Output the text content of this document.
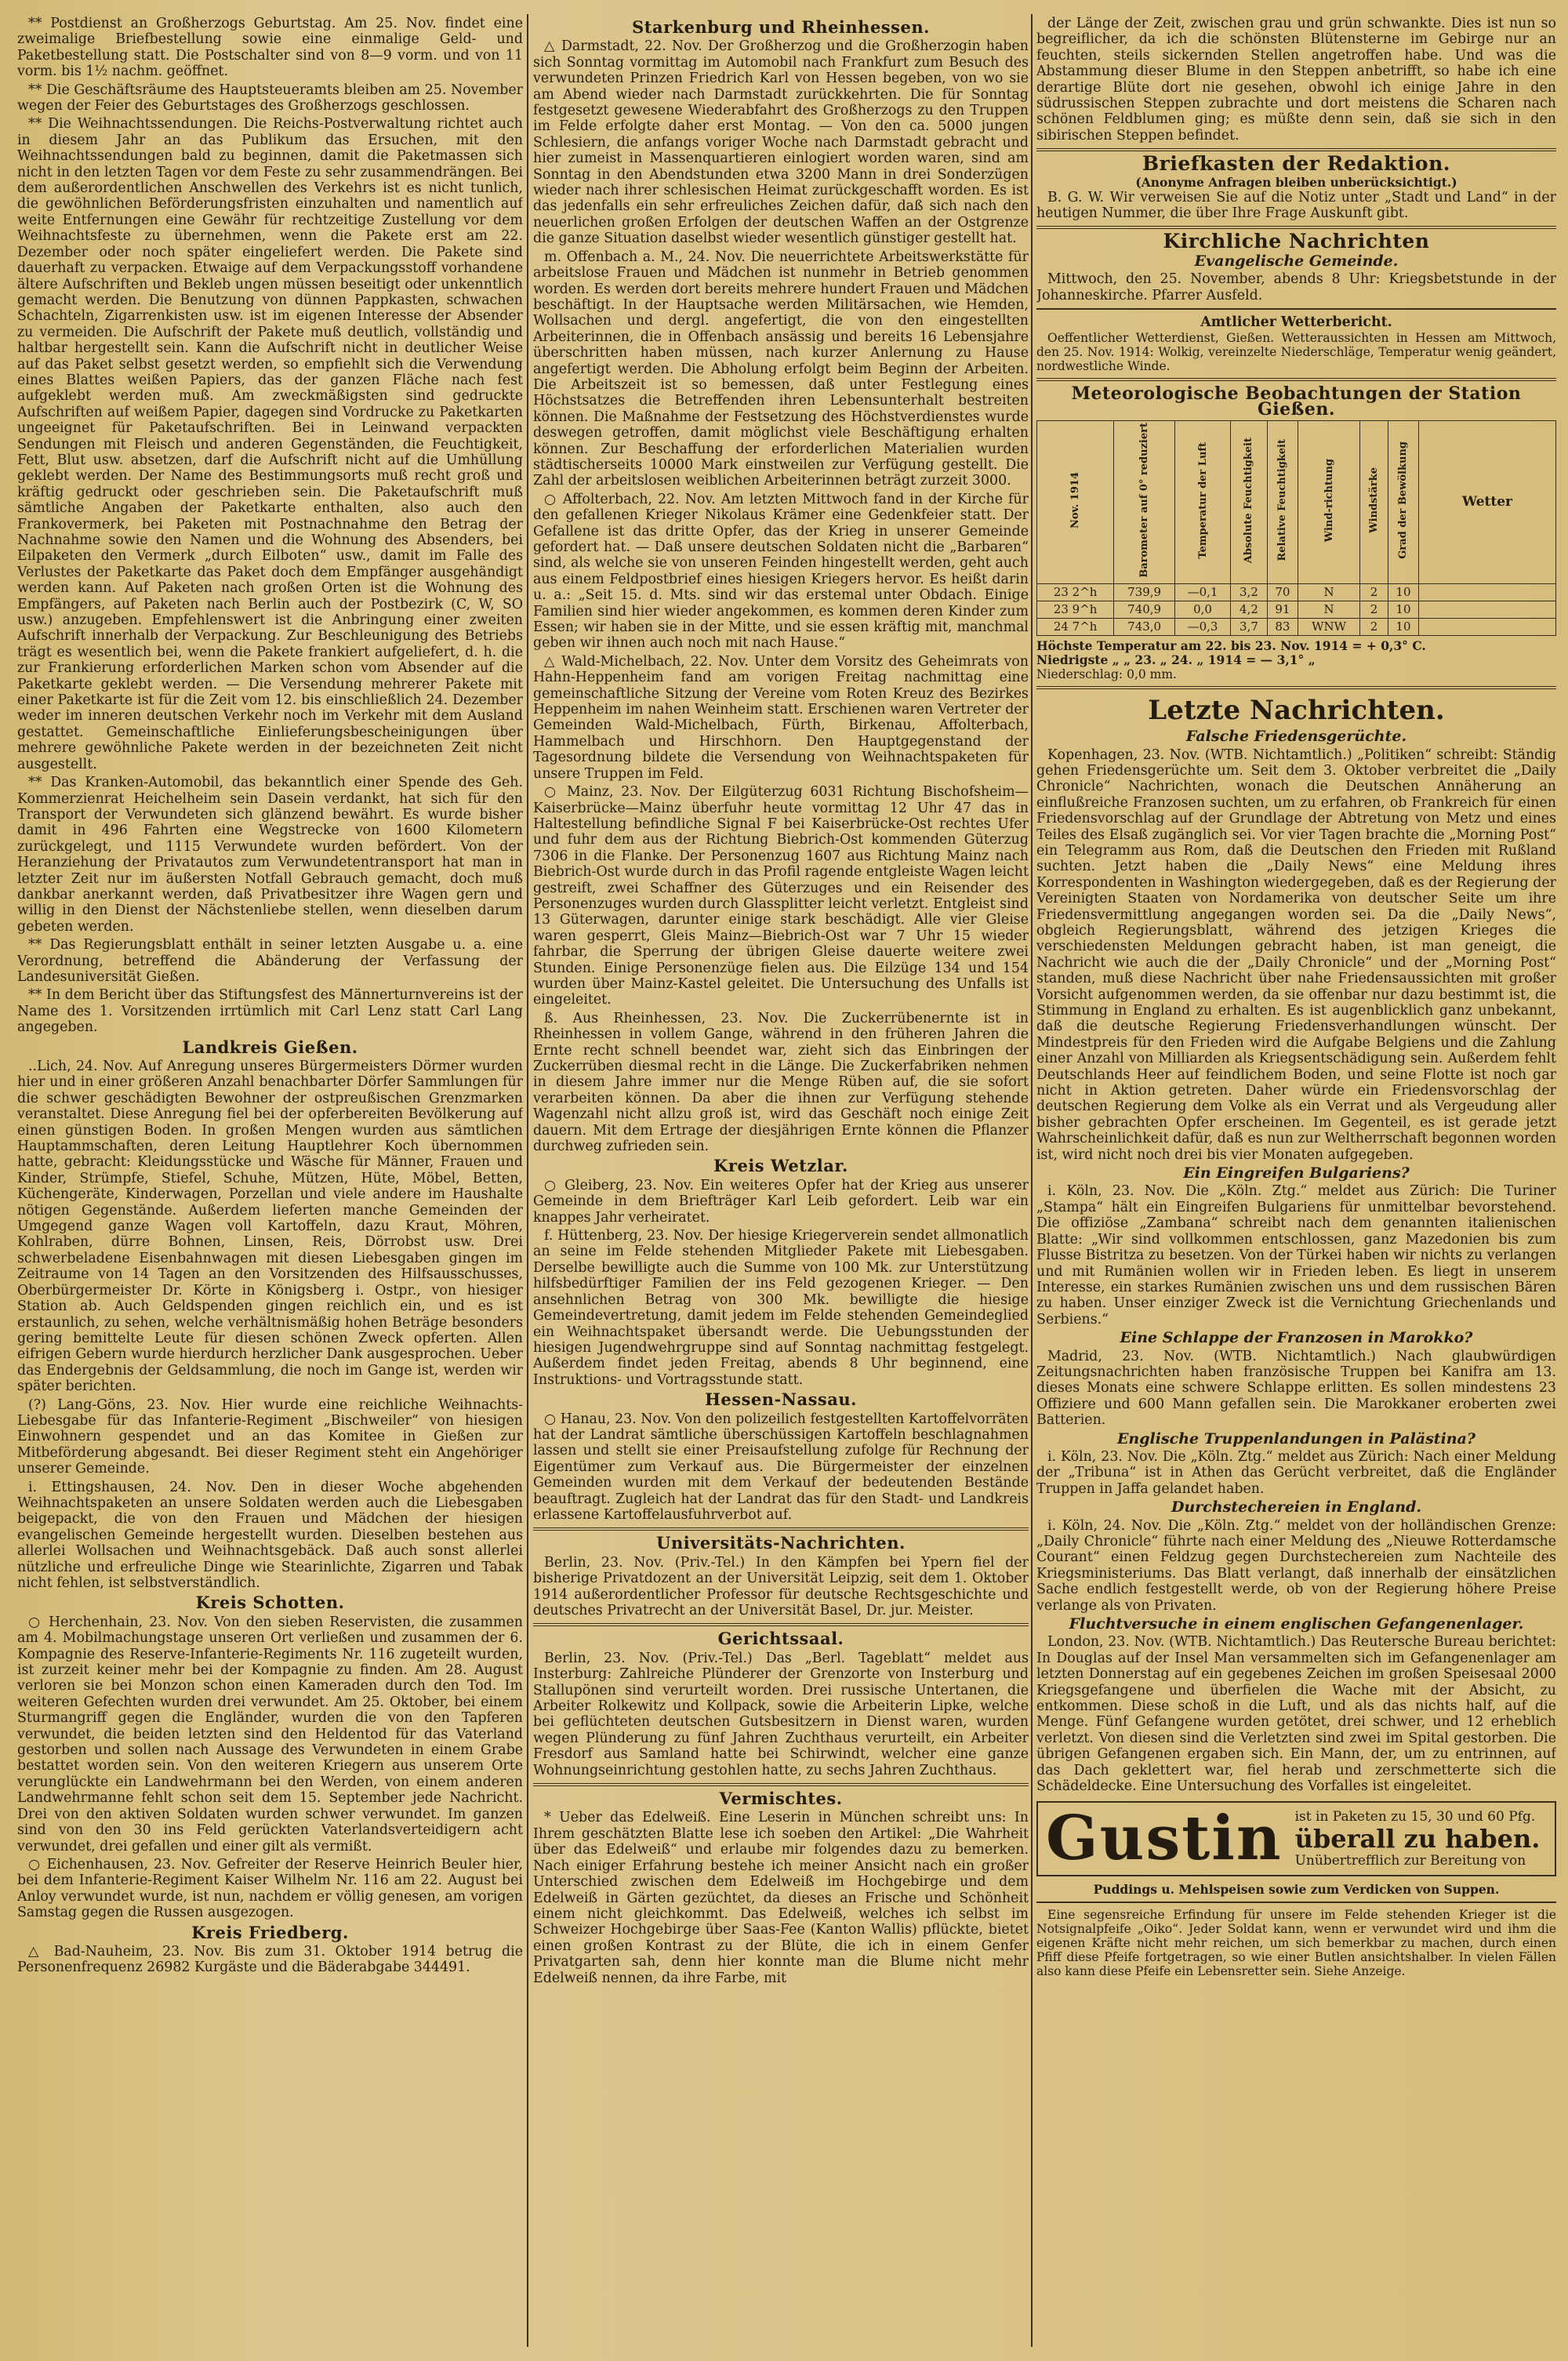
** Postdienst an Großherzogs Geburtstag. Am 25. Nov. findet eine zweimalige Briefbestellung sowie eine einmalige Geld- und Paketbestellung statt. Die Postschalter sind von 8—9 vorm. und von 11 vorm. bis 1½ nachm. geöffnet.

** Die Geschäftsräume des Hauptsteueramts bleiben am 25. November wegen der Feier des Geburtstages des Großherzogs geschlossen.

** Die Weihnachtssendungen. Die Reichs-Postverwaltung richtet auch in diesem Jahr an das Publikum das Ersuchen, mit den Weihnachtssendungen bald zu beginnen, damit die Paketmassen sich nicht in den letzten Tagen vor dem Feste zu sehr zusammendrängen. Bei dem außerordentlichen Anschwellen des Verkehrs ist es nicht tunlich, die gewöhnlichen Beförderungsfristen einzuhalten und namentlich auf weite Entfernungen eine Gewähr für rechtzeitige Zustellung vor dem Weihnachtsfeste zu übernehmen, wenn die Pakete erst am 22. Dezember oder noch später eingeliefert werden. Die Pakete sind dauerhaft zu verpacken. Etwaige auf dem Verpackungsstoff vorhandene ältere Aufschriften und Bekleb ungen müssen beseitigt oder unkenntlich gemacht werden. Die Benutzung von dünnen Pappkasten, schwachen Schachteln, Zigarrenkisten usw. ist im eigenen Interesse der Absender zu vermeiden. Die Aufschrift der Pakete muß deutlich, vollständig und haltbar hergestellt sein. Kann die Aufschrift nicht in deutlicher Weise auf das Paket selbst gesetzt werden, so empfiehlt sich die Verwendung eines Blattes weißen Papiers, das der ganzen Fläche nach fest aufgeklebt werden muß. Am zweckmäßigsten sind gedruckte Aufschriften auf weißem Papier, dagegen sind Vordrucke zu Paketkarten ungeeignet für Paketaufschriften. Bei in Leinwand verpackten Sendungen mit Fleisch und anderen Gegenständen, die Feuchtigkeit, Fett, Blut usw. absetzen, darf die Aufschrift nicht auf die Umhüllung geklebt werden. Der Name des Bestimmungsorts muß recht groß und kräftig gedruckt oder geschrieben sein. Die Paketaufschrift muß sämtliche Angaben der Paketkarte enthalten, also auch den Frankovermerk, bei Paketen mit Postnachnahme den Betrag der Nachnahme sowie den Namen und die Wohnung des Absenders, bei Eilpaketen den Vermerk „durch Eilboten“ usw., damit im Falle des Verlustes der Paketkarte das Paket doch dem Empfänger ausgehändigt werden kann. Auf Paketen nach großen Orten ist die Wohnung des Empfängers, auf Paketen nach Berlin auch der Postbezirk (C, W, SO usw.) anzugeben. Empfehlenswert ist die Anbringung einer zweiten Aufschrift innerhalb der Verpackung. Zur Beschleunigung des Betriebs trägt es wesentlich bei, wenn die Pakete frankiert aufgeliefert, d. h. die zur Frankierung erforderlichen Marken schon vom Absender auf die Paketkarte geklebt werden. — Die Versendung mehrerer Pakete mit einer Paketkarte ist für die Zeit vom 12. bis einschließlich 24. Dezember weder im inneren deutschen Verkehr noch im Verkehr mit dem Ausland gestattet. Gemeinschaftliche Einlieferungsbescheinigungen über mehrere gewöhnliche Pakete werden in der bezeichneten Zeit nicht ausgestellt.

** Das Kranken-Automobil, das bekanntlich einer Spende des Geh. Kommerzienrat Heichelheim sein Dasein verdankt, hat sich für den Transport der Verwundeten sich glänzend bewährt. Es wurde bisher damit in 496 Fahrten eine Wegstrecke von 1600 Kilometern zurückgelegt, und 1115 Verwundete wurden befördert. Von der Heranziehung der Privatautos zum Verwundetentransport hat man in letzter Zeit nur im äußersten Notfall Gebrauch gemacht, doch muß dankbar anerkannt werden, daß Privatbesitzer ihre Wagen gern und willig in den Dienst der Nächstenliebe stellen, wenn dieselben darum gebeten werden.

** Das Regierungsblatt enthält in seiner letzten Ausgabe u. a. eine Verordnung, betreffend die Abänderung der Verfassung der Landesuniversität Gießen.

** In dem Bericht über das Stiftungsfest des Männerturnvereins ist der Name des 1. Vorsitzenden irrtümlich mit Carl Lenz statt Carl Lang angegeben.

Landkreis Gießen.

..Lich, 24. Nov. Auf Anregung unseres Bürgermeisters Dörmer wurden hier und in einer größeren Anzahl benachbarter Dörfer Sammlungen für die schwer geschädigten Bewohner der ostpreußischen Grenzmarken veranstaltet. Diese Anregung fiel bei der opferbereiten Bevölkerung auf einen günstigen Boden. In großen Mengen wurden aus sämtlichen Hauptammschaften, deren Leitung Hauptlehrer Koch übernommen hatte, gebracht: Kleidungsstücke und Wäsche für Männer, Frauen und Kinder, Strümpfe, Stiefel, Schuhe, Mützen, Hüte, Möbel, Betten, Küchengeräte, Kinderwagen, Porzellan und viele andere im Haushalte nötigen Gegenstände. Außerdem lieferten manche Gemeinden der Umgegend ganze Wagen voll Kartoffeln, dazu Kraut, Möhren, Kohlraben, dürre Bohnen, Linsen, Reis, Dörrobst usw. Drei schwerbeladene Eisenbahnwagen mit diesen Liebesgaben gingen im Zeitraume von 14 Tagen an den Vorsitzenden des Hilfsausschusses, Oberbürgermeister Dr. Körte in Königsberg i. Ostpr., von hiesiger Station ab. Auch Geldspenden gingen reichlich ein, und es ist erstaunlich, zu sehen, welche verhältnismäßig hohen Beträge besonders gering bemittelte Leute für diesen schönen Zweck opferten. Allen eifrigen Gebern wurde hierdurch herzlicher Dank ausgesprochen. Ueber das Endergebnis der Geldsammlung, die noch im Gange ist, werden wir später berichten.

(?) Lang-Göns, 23. Nov. Hier wurde eine reichliche Weihnachts-Liebesgabe für das Infanterie-Regiment „Bischweiler“ von hiesigen Einwohnern gespendet und an das Komitee in Gießen zur Mitbeförderung abgesandt. Bei dieser Regiment steht ein Angehöriger unserer Gemeinde.

i. Ettingshausen, 24. Nov. Den in dieser Woche abgehenden Weihnachtspaketen an unsere Soldaten werden auch die Liebesgaben beigepackt, die von den Frauen und Mädchen der hiesigen evangelischen Gemeinde hergestellt wurden. Dieselben bestehen aus allerlei Wollsachen und Weihnachtsgebäck. Daß auch sonst allerlei nützliche und erfreuliche Dinge wie Stearinlichte, Zigarren und Tabak nicht fehlen, ist selbstverständlich.

Kreis Schotten.

○ Herchenhain, 23. Nov. Von den sieben Reservisten, die zusammen am 4. Mobilmachungstage unseren Ort verließen und zusammen der 6. Kompagnie des Reserve-Infanterie-Regiments Nr. 116 zugeteilt wurden, ist zurzeit keiner mehr bei der Kompagnie zu finden. Am 28. August verloren sie bei Monzon schon einen Kameraden durch den Tod. Im weiteren Gefechten wurden drei verwundet. Am 25. Oktober, bei einem Sturmangriff gegen die Engländer, wurden die von den Tapferen verwundet, die beiden letzten sind den Heldentod für das Vaterland gestorben und sollen nach Aussage des Verwundeten in einem Grabe bestattet worden sein. Von den weiteren Kriegern aus unserem Orte verunglückte ein Landwehrmann bei den Werden, von einem anderen Landwehrmanne fehlt schon seit dem 15. September jede Nachricht. Drei von den aktiven Soldaten wurden schwer verwundet. Im ganzen sind von den 30 ins Feld gerückten Vaterlandsverteidigern acht verwundet, drei gefallen und einer gilt als vermißt.

○ Eichenhausen, 23. Nov. Gefreiter der Reserve Heinrich Beuler hier, bei dem Infanterie-Regiment Kaiser Wilhelm Nr. 116 am 22. August bei Anloy verwundet wurde, ist nun, nachdem er völlig genesen, am vorigen Samstag gegen die Russen ausgezogen.

Kreis Friedberg.

△ Bad-Nauheim, 23. Nov. Bis zum 31. Oktober 1914 betrug die Personenfrequenz 26982 Kurgäste und die Bäderabgabe 344491.

Starkenburg und Rheinhessen.

△ Darmstadt, 22. Nov. Der Großherzog und die Großherzogin haben sich Sonntag vormittag im Automobil nach Frankfurt zum Besuch des verwundeten Prinzen Friedrich Karl von Hessen begeben, von wo sie am Abend wieder nach Darmstadt zurückkehrten. Die für Sonntag festgesetzt gewesene Wiederabfahrt des Großherzogs zu den Truppen im Felde erfolgte daher erst Montag. — Von den ca. 5000 jungen Schlesiern, die anfangs voriger Woche nach Darmstadt gebracht und hier zumeist in Massenquartieren einlogiert worden waren, sind am Sonntag in den Abendstunden etwa 3200 Mann in drei Sonderzügen wieder nach ihrer schlesischen Heimat zurückgeschafft worden. Es ist das jedenfalls ein sehr erfreuliches Zeichen dafür, daß sich nach den neuerlichen großen Erfolgen der deutschen Waffen an der Ostgrenze die ganze Situation daselbst wieder wesentlich günstiger gestellt hat.

m. Offenbach a. M., 24. Nov. Die neuerrichtete Arbeitswerkstätte für arbeitslose Frauen und Mädchen ist nunmehr in Betrieb genommen worden. Es werden dort bereits mehrere hundert Frauen und Mädchen beschäftigt. In der Hauptsache werden Militärsachen, wie Hemden, Wollsachen und dergl. angefertigt, die von den eingestellten Arbeiterinnen, die in Offenbach ansässig und bereits 16 Lebensjahre überschritten haben müssen, nach kurzer Anlernung zu Hause angefertigt werden. Die Abholung erfolgt beim Beginn der Arbeiten. Die Arbeitszeit ist so bemessen, daß unter Festlegung eines Höchstsatzes die Betreffenden ihren Lebensunterhalt bestreiten können. Die Maßnahme der Festsetzung des Höchstverdienstes wurde deswegen getroffen, damit möglichst viele Beschäftigung erhalten können. Zur Beschaffung der erforderlichen Materialien wurden städtischerseits 10000 Mark einstweilen zur Verfügung gestellt. Die Zahl der arbeitslosen weiblichen Arbeiterinnen beträgt zurzeit 3000.

○ Affolterbach, 22. Nov. Am letzten Mittwoch fand in der Kirche für den gefallenen Krieger Nikolaus Krämer eine Gedenkfeier statt. Der Gefallene ist das dritte Opfer, das der Krieg in unserer Gemeinde gefordert hat. — Daß unsere deutschen Soldaten nicht die „Barbaren“ sind, als welche sie von unseren Feinden hingestellt werden, geht auch aus einem Feldpostbrief eines hiesigen Kriegers hervor. Es heißt darin u. a.: „Seit 15. d. Mts. sind wir das erstemal unter Obdach. Einige Familien sind hier wieder angekommen, es kommen deren Kinder zum Essen; wir haben sie in der Mitte, und sie essen kräftig mit, manchmal geben wir ihnen auch noch mit nach Hause.“

△ Wald-Michelbach, 22. Nov. Unter dem Vorsitz des Geheimrats von Hahn-Heppenheim fand am vorigen Freitag nachmittag eine gemeinschaftliche Sitzung der Vereine vom Roten Kreuz des Bezirkes Heppenheim im nahen Weinheim statt. Erschienen waren Vertreter der Gemeinden Wald-Michelbach, Fürth, Birkenau, Affolterbach, Hammelbach und Hirschhorn. Den Hauptgegenstand der Tagesordnung bildete die Versendung von Weihnachtspaketen für unsere Truppen im Feld.

○ Mainz, 23. Nov. Der Eilgüterzug 6031 Richtung Bischofsheim—Kaiserbrücke—Mainz überfuhr heute vormittag 12 Uhr 47 das in Haltestellung befindliche Signal F bei Kaiserbrücke-Ost rechtes Ufer und fuhr dem aus der Richtung Biebrich-Ost kommenden Güterzug 7306 in die Flanke. Der Personenzug 1607 aus Richtung Mainz nach Biebrich-Ost wurde durch in das Profil ragende entgleiste Wagen leicht gestreift, zwei Schaffner des Güterzuges und ein Reisender des Personenzuges wurden durch Glassplitter leicht verletzt. Entgleist sind 13 Güterwagen, darunter einige stark beschädigt. Alle vier Gleise waren gesperrt, Gleis Mainz—Biebrich-Ost war 7 Uhr 15 wieder fahrbar, die Sperrung der übrigen Gleise dauerte weitere zwei Stunden. Einige Personenzüge fielen aus. Die Eilzüge 134 und 154 wurden über Mainz-Kastel geleitet. Die Untersuchung des Unfalls ist eingeleitet.

ß. Aus Rheinhessen, 23. Nov. Die Zuckerrübenernte ist in Rheinhessen in vollem Gange, während in den früheren Jahren die Ernte recht schnell beendet war, zieht sich das Einbringen der Zuckerrüben diesmal recht in die Länge. Die Zuckerfabriken nehmen in diesem Jahre immer nur die Menge Rüben auf, die sie sofort verarbeiten können. Da aber die ihnen zur Verfügung stehende Wagenzahl nicht allzu groß ist, wird das Geschäft noch einige Zeit dauern. Mit dem Ertrage der diesjährigen Ernte können die Pflanzer durchweg zufrieden sein.

Kreis Wetzlar.

○ Gleiberg, 23. Nov. Ein weiteres Opfer hat der Krieg aus unserer Gemeinde in dem Briefträger Karl Leib gefordert. Leib war ein knappes Jahr verheiratet.

f. Hüttenberg, 23. Nov. Der hiesige Kriegerverein sendet allmonatlich an seine im Felde stehenden Mitglieder Pakete mit Liebesgaben. Derselbe bewilligte auch die Summe von 100 Mk. zur Unterstützung hilfsbedürftiger Familien der ins Feld gezogenen Krieger. — Den ansehnlichen Betrag von 300 Mk. bewilligte die hiesige Gemeindevertretung, damit jedem im Felde stehenden Gemeindeglied ein Weihnachtspaket übersandt werde. Die Uebungsstunden der hiesigen Jugendwehrgruppe sind auf Sonntag nachmittag festgelegt. Außerdem findet jeden Freitag, abends 8 Uhr beginnend, eine Instruktions- und Vortragsstunde statt.

Hessen-Nassau.

○ Hanau, 23. Nov. Von den polizeilich festgestellten Kartoffelvorräten hat der Landrat sämtliche überschüssigen Kartoffeln beschlagnahmen lassen und stellt sie einer Preisaufstellung zufolge für Rechnung der Eigentümer zum Verkauf aus. Die Bürgermeister der einzelnen Gemeinden wurden mit dem Verkauf der bedeutenden Bestände beauftragt. Zugleich hat der Landrat das für den Stadt- und Landkreis erlassene Kartoffelausfuhrverbot auf.

Universitäts-Nachrichten.

Berlin, 23. Nov. (Priv.-Tel.) In den Kämpfen bei Ypern fiel der bisherige Privatdozent an der Universität Leipzig, seit dem 1. Oktober 1914 außerordentlicher Professor für deutsche Rechtsgeschichte und deutsches Privatrecht an der Universität Basel, Dr. jur. Meister.

Gerichtssaal.

Berlin, 23. Nov. (Priv.-Tel.) Das „Berl. Tageblatt“ meldet aus Insterburg: Zahlreiche Plünderer der Grenzorte von Insterburg und Stallupönen sind verurteilt worden. Drei russische Untertanen, die Arbeiter Rolkewitz und Kollpack, sowie die Arbeiterin Lipke, welche bei geflüchteten deutschen Gutsbesitzern in Dienst waren, wurden wegen Plünderung zu fünf Jahren Zuchthaus verurteilt, ein Arbeiter Fresdorf aus Samland hatte bei Schirwindt, welcher eine ganze Wohnungseinrichtung gestohlen hatte, zu sechs Jahren Zuchthaus.

Vermischtes.

* Ueber das Edelweiß. Eine Leserin in München schreibt uns: In Ihrem geschätzten Blatte lese ich soeben den Artikel: „Die Wahrheit über das Edelweiß“ und erlaube mir folgendes dazu zu bemerken. Nach einiger Erfahrung bestehe ich meiner Ansicht nach ein großer Unterschied zwischen dem Edelweiß im Hochgebirge und dem Edelweiß in Gärten gezüchtet, da dieses an Frische und Schönheit einem nicht gleichkommt. Das Edelweiß, welches ich selbst im Schweizer Hochgebirge über Saas-Fee (Kanton Wallis) pflückte, bietet einen großen Kontrast zu der Blüte, die ich in einem Genfer Privatgarten sah, denn hier konnte man die Blume nicht mehr Edelweiß nennen, da ihre Farbe, mit

der Länge der Zeit, zwischen grau und grün schwankte. Dies ist nun so begreiflicher, da ich die schönsten Blütensterne im Gebirge nur an feuchten, steils sickernden Stellen angetroffen habe. Und was die Abstammung dieser Blume in den Steppen anbetrifft, so habe ich eine derartige Blüte dort nie gesehen, obwohl ich einige Jahre in den südrussischen Steppen zubrachte und dort meistens die Scharen nach schönen Feldblumen ging; es müßte denn sein, daß sie sich in den sibirischen Steppen befindet.

Briefkasten der Redaktion.
(Anonyme Anfragen bleiben unberücksichtigt.)

B. G. W. Wir verweisen Sie auf die Notiz unter „Stadt und Land“ in der heutigen Nummer, die über Ihre Frage Auskunft gibt.

Kirchliche Nachrichten
Evangelische Gemeinde.

Mittwoch, den 25. November, abends 8 Uhr: Kriegsbetstunde in der Johanneskirche. Pfarrer Ausfeld.

Amtlicher Wetterbericht.

Oeffentlicher Wetterdienst, Gießen. Wetteraussichten in Hessen am Mittwoch, den 25. Nov. 1914: Wolkig, vereinzelte Niederschläge, Temperatur wenig geändert, nordwestliche Winde.

Meteorologische Beobachtungen der Station Gießen.
Nov. 1914	Barometer auf 0° reduziert	Temperatur der Luft	Absolute Feuchtigkeit	Relative Feuchtigkeit	Wind-richtung	Windstärke	Grad der Bewölkung	Wetter
23 2^h	739,9	—0,1	3,2	70	N	2	10	
23 9^h	740,9	0,0	4,2	91	N	2	10	
24 7^h	743,0	—0,3	3,7	83	WNW	2	10	
Höchste Temperatur am 22. bis 23. Nov. 1914 = + 0,3° C.
Niedrigste „ „ 23. „ 24. „ 1914 = — 3,1° „
Niederschlag: 0,0 mm.
Letzte Nachrichten.
Falsche Friedensgerüchte.

Kopenhagen, 23. Nov. (WTB. Nichtamtlich.) „Politiken“ schreibt: Ständig gehen Friedensgerüchte um. Seit dem 3. Oktober verbreitet die „Daily Chronicle“ Nachrichten, wonach die Deutschen Annäherung an einflußreiche Franzosen suchten, um zu erfahren, ob Frankreich für einen Friedensvorschlag auf der Grundlage der Abtretung von Metz und eines Teiles des Elsaß zugänglich sei. Vor vier Tagen brachte die „Morning Post“ ein Telegramm aus Rom, daß die Deutschen den Frieden mit Rußland suchten. Jetzt haben die „Daily News“ eine Meldung ihres Korrespondenten in Washington wiedergegeben, daß es der Regierung der Vereinigten Staaten von Nordamerika von deutscher Seite um ihre Friedensvermittlung angegangen worden sei. Da die „Daily News“, obgleich Regierungsblatt, während des jetzigen Krieges die verschiedensten Meldungen gebracht haben, ist man geneigt, die Nachricht wie auch die der „Daily Chronicle“ und der „Morning Post“ standen, muß diese Nachricht über nahe Friedensaussichten mit großer Vorsicht aufgenommen werden, da sie offenbar nur dazu bestimmt ist, die Stimmung in England zu erhalten. Es ist augenblicklich ganz unbekannt, daß die deutsche Regierung Friedensverhandlungen wünscht. Der Mindestpreis für den Frieden wird die Aufgabe Belgiens und die Zahlung einer Anzahl von Milliarden als Kriegsentschädigung sein. Außerdem fehlt Deutschlands Heer auf feindlichem Boden, und seine Flotte ist noch gar nicht in Aktion getreten. Daher würde ein Friedensvorschlag der deutschen Regierung dem Volke als ein Verrat und als Vergeudung aller bisher gebrachten Opfer erscheinen. Im Gegenteil, es ist gerade jetzt Wahrscheinlichkeit dafür, daß es nun zur Weltherrschaft begonnen worden ist, wird nicht noch drei bis vier Monaten aufgegeben.

Ein Eingreifen Bulgariens?

i. Köln, 23. Nov. Die „Köln. Ztg.“ meldet aus Zürich: Die Turiner „Stampa“ hält ein Eingreifen Bulgariens für unmittelbar bevorstehend. Die offiziöse „Zambana“ schreibt nach dem genannten italienischen Blatte: „Wir sind vollkommen entschlossen, ganz Mazedonien bis zum Flusse Bistritza zu besetzen. Von der Türkei haben wir nichts zu verlangen und mit Rumänien wollen wir in Frieden leben. Es liegt in unserem Interesse, ein starkes Rumänien zwischen uns und dem russischen Bären zu haben. Unser einziger Zweck ist die Vernichtung Griechenlands und Serbiens.“

Eine Schlappe der Franzosen in Marokko?

Madrid, 23. Nov. (WTB. Nichtamtlich.) Nach glaubwürdigen Zeitungsnachrichten haben französische Truppen bei Kanifra am 13. dieses Monats eine schwere Schlappe erlitten. Es sollen mindestens 23 Offiziere und 600 Mann gefallen sein. Die Marokkaner eroberten zwei Batterien.

Englische Truppenlandungen in Palästina?

i. Köln, 23. Nov. Die „Köln. Ztg.“ meldet aus Zürich: Nach einer Meldung der „Tribuna“ ist in Athen das Gerücht verbreitet, daß die Engländer Truppen in Jaffa gelandet haben.

Durchstechereien in England.

i. Köln, 24. Nov. Die „Köln. Ztg.“ meldet von der holländischen Grenze: „Daily Chronicle“ führte nach einer Meldung des „Nieuwe Rotterdamsche Courant“ einen Feldzug gegen Durchstechereien zum Nachteile des Kriegsministeriums. Das Blatt verlangt, daß innerhalb der einsätzlichen Sache endlich festgestellt werde, ob von der Regierung höhere Preise verlange als von Privaten.

Fluchtversuche in einem englischen Gefangenenlager.

London, 23. Nov. (WTB. Nichtamtlich.) Das Reutersche Bureau berichtet: In Douglas auf der Insel Man versammelten sich im Gefangenenlager am letzten Donnerstag auf ein gegebenes Zeichen im großen Speisesaal 2000 Kriegsgefangene und überfielen die Wache mit der Absicht, zu entkommen. Diese schoß in die Luft, und als das nichts half, auf die Menge. Fünf Gefangene wurden getötet, drei schwer, und 12 erheblich verletzt. Von diesen sind die Verletzten sind zwei im Spital gestorben. Die übrigen Gefangenen ergaben sich. Ein Mann, der, um zu entrinnen, auf das Dach geklettert war, fiel herab und zerschmetterte sich die Schädeldecke. Eine Untersuchung des Vorfalles ist eingeleitet.

Gustin ist in Paketen zu 15, 30 und 60 Pfg.
überall zu haben.
Unübertrefflich zur Bereitung von
Puddings u. Mehlspeisen sowie zum Verdicken von Suppen.

Eine segensreiche Erfindung für unsere im Felde stehenden Krieger ist die Notsignalpfeife „Oiko“. Jeder Soldat kann, wenn er verwundet wird und ihm die eigenen Kräfte nicht mehr reichen, um sich bemerkbar zu machen, durch einen Pfiff diese Pfeife fortgetragen, so wie einer Butlen ansichtshalber. In vielen Fällen also kann diese Pfeife ein Lebensretter sein. Siehe Anzeige.
